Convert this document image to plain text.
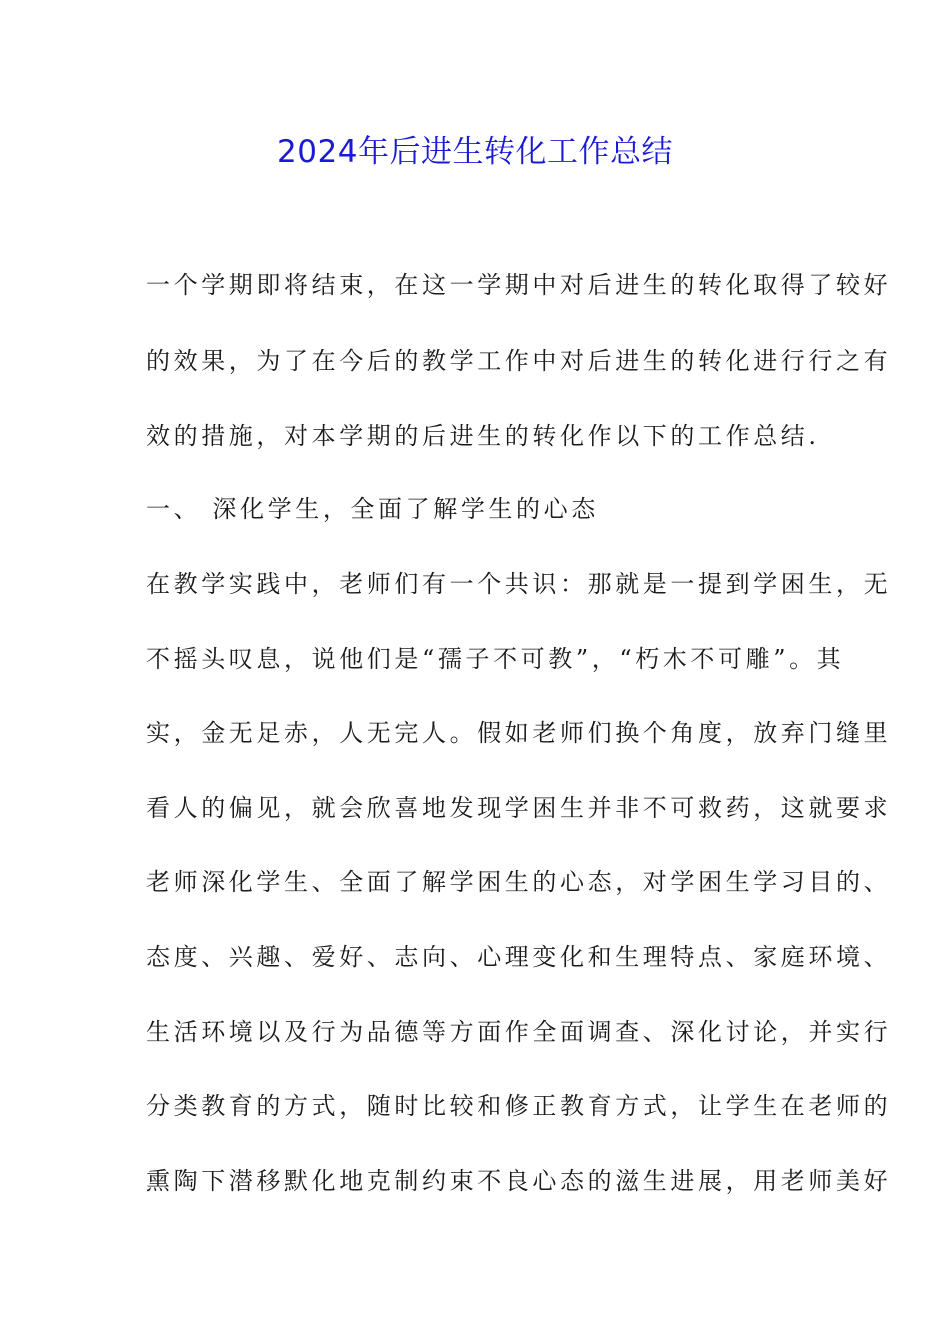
2024年后进生转化工作总结
一个学期即将结束，在这一学期中对后进生的转化取得了较好
的效果，为了在今后的教学工作中对后进生的转化进行行之有
效的措施，对本学期的后进生的转化作以下的工作总结.
一、 深化学生，全面了解学生的心态
在教学实践中，老师们有一个共识：那就是一提到学困生，无
不摇头叹息，说他们是“孺子不可教”，“朽木不可雕”。其
实，金无足赤，人无完人。假如老师们换个角度，放弃门缝里
看人的偏见，就会欣喜地发现学困生并非不可救药，这就要求
老师深化学生、全面了解学困生的心态，对学困生学习目的、
态度、兴趣、爱好、志向、心理变化和生理特点、家庭环境、
生活环境以及行为品德等方面作全面调查、深化讨论，并实行
分类教育的方式，随时比较和修正教育方式，让学生在老师的
熏陶下潜移默化地克制约束不良心态的滋生进展，用老师美好
